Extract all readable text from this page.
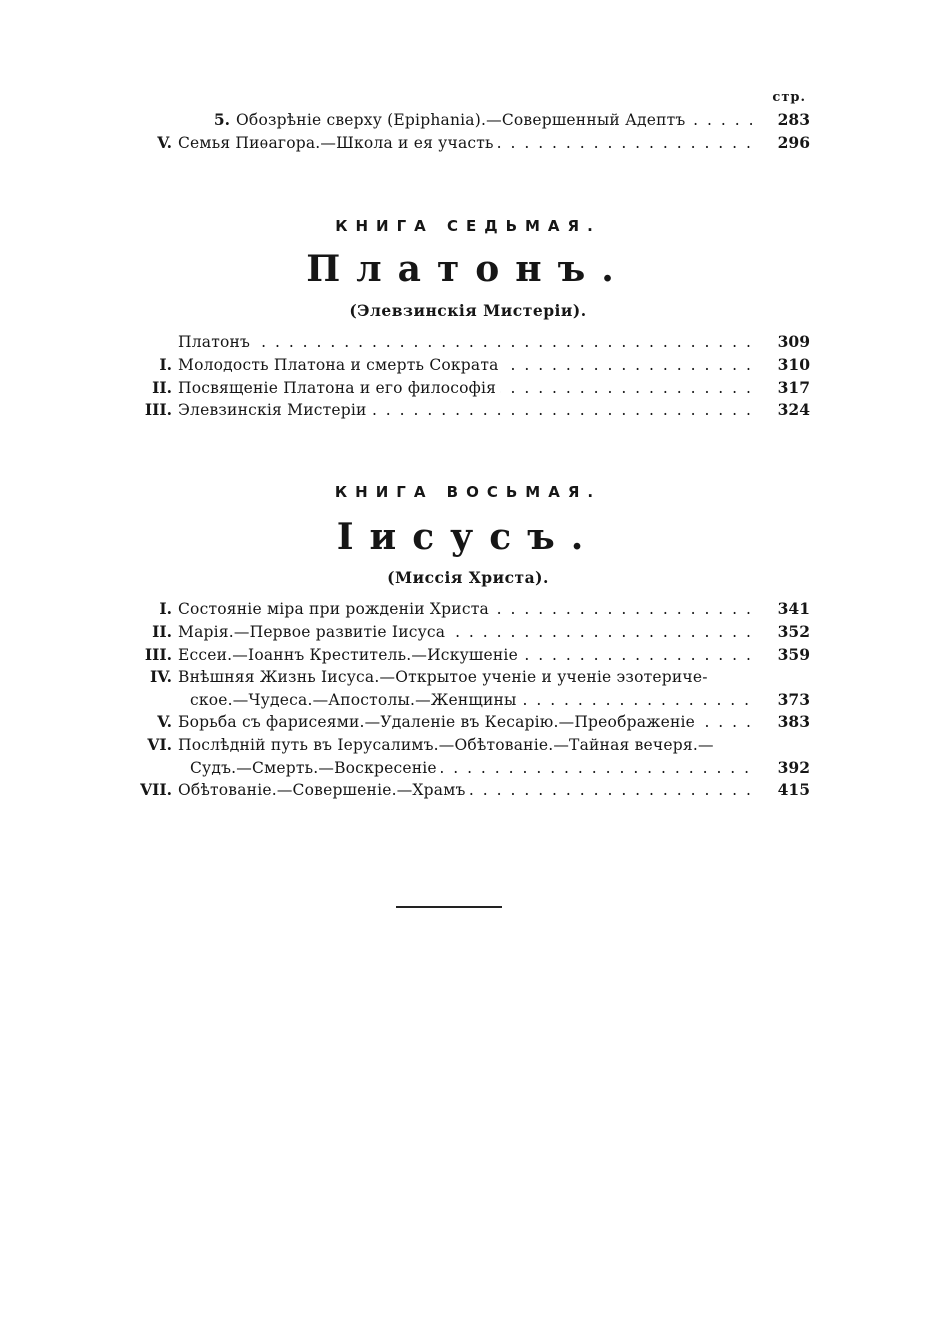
стр.
5. Обозрѣніе сверху (Epiphania).—Совершенный Адептъ . . .	283
V. Семья Пиѳагора.—Школа и ея участь . . .	296
КНИГА СЕДЬМАЯ.
Платонъ.
(Элевзинскія Мистеріи).
Платонъ . . .	309
I. Молодость Платона и смерть Сократа . . .	310
II. Посвященіе Платона и его философія . . .	317
III. Элевзинскія Мистеріи . . .	324
КНИГА ВОСЬМАЯ.
Іисусъ.
(Миссія Христа).
I. Состояніе міра при рожденіи Христа . . .	341
II. Марія.—Первое развитіе Іисуса . . .	352
III. Ессеи.—Іоаннъ Креститель.—Искушеніе . . .	359
IV. Внѣшняя Жизнь Іисуса.—Открытое ученіе и ученіе эзотериче-
ское.—Чудеса.—Апостолы.—Женщины . . .	373
V. Борьба съ фарисеями.—Удаленіе въ Кесарію.—Преображеніе . . .	383
VI. Послѣдній путь въ Іерусалимъ.—Обѣтованіе.—Тайная вечеря.—
Судъ.—Смерть.—Воскресеніе . . .	392
VII. Обѣтованіе.—Совершеніе.—Храмъ . . .	415
